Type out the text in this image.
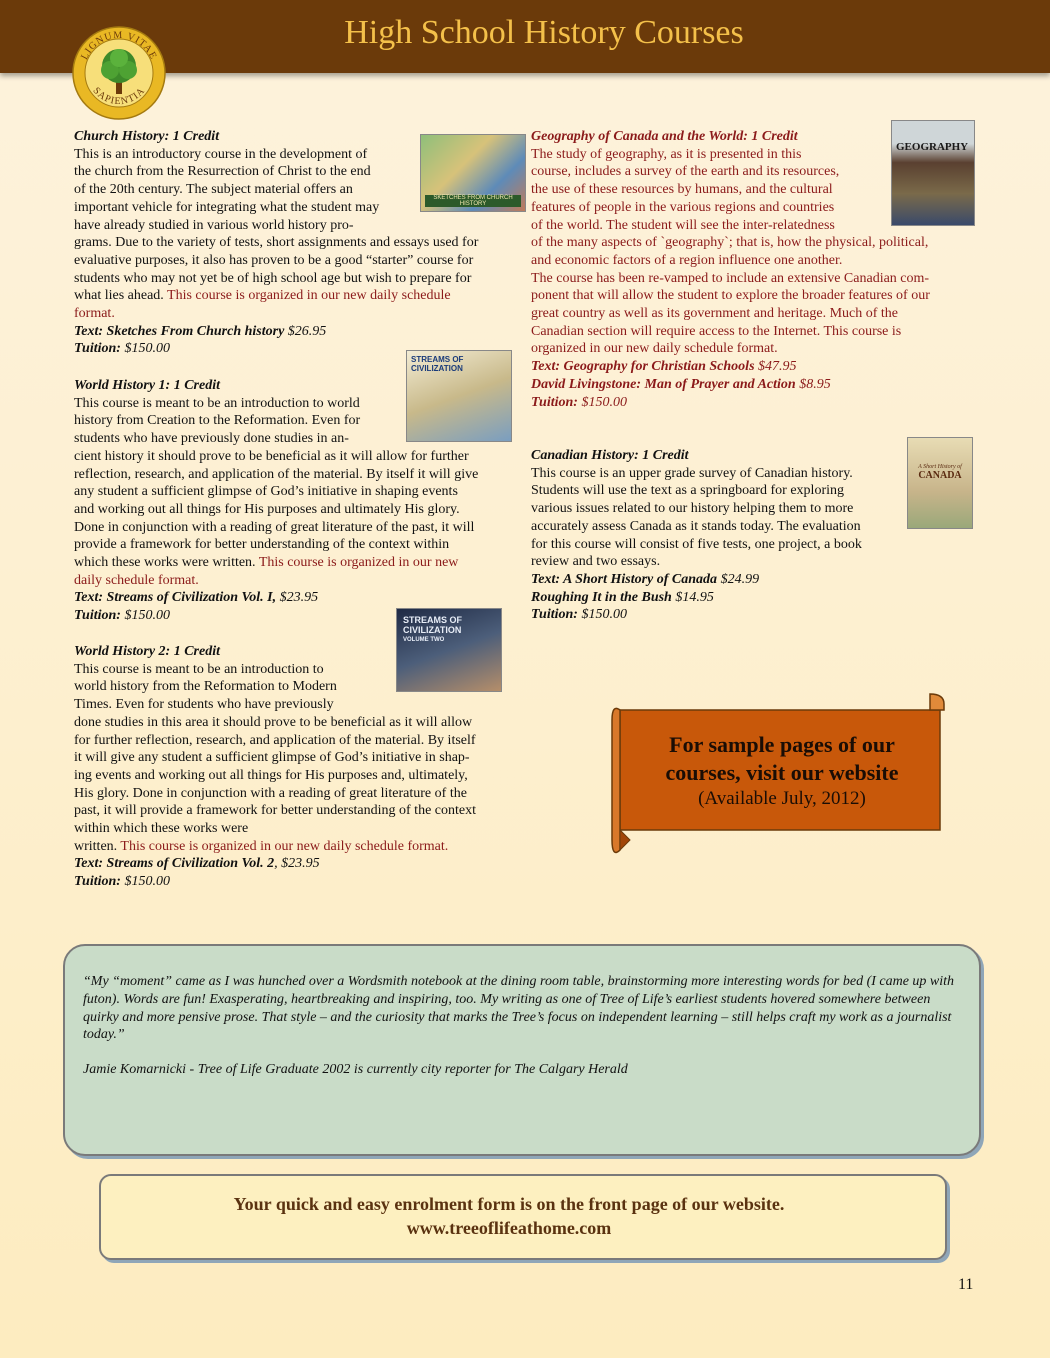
High School History Courses
LIGNUM VITAE
SAPIENTIA
SKETCHES FROM CHURCH HISTORY
STREAMS OF CIVILIZATION
STREAMS OF
CIVILIZATION
VOLUME TWO
GEOGRAPHY
A Short History of
CANADA

Church History: 1 Credit

This is an introductory course in the development of

the church from the Resurrection of Christ to the end

of the 20th century. The subject material offers an

important vehicle for integrating what the student may

have already studied in various world history pro-

grams. Due to the variety of tests, short assignments and essays used for

evaluative purposes, it also has proven to be a good “starter” course for

students who may not yet be of high school age but wish to prepare for

what lies ahead. This course is organized in our new daily schedule

format.

Text: Sketches From Church history $26.95

Tuition: $150.00

World History 1: 1 Credit

This course is meant to be an introduction to world

history from Creation to the Reformation. Even for

students who have previously done studies in an-

cient history it should prove to be beneficial as it will allow for further

reflection, research, and application of the material. By itself it will give

any student a sufficient glimpse of God’s initiative in shaping events

and working out all things for His purposes and ultimately His glory.

Done in conjunction with a reading of great literature of the past, it will

provide a framework for better understanding of the context within

which these works were written. This course is organized in our new

daily schedule format.

Text: Streams of Civilization Vol. I, $23.95

Tuition: $150.00

World History 2: 1 Credit

This course is meant to be an introduction to

world history from the Reformation to Modern

Times. Even for students who have previously

done studies in this area it should prove to be beneficial as it will allow

for further reflection, research, and application of the material. By itself

it will give any student a sufficient glimpse of God’s initiative in shap-

ing events and working out all things for His purposes and, ultimately,

His glory. Done in conjunction with a reading of great literature of the

past, it will provide a framework for better understanding of the context

within which these works were

written. This course is organized in our new daily schedule format.

Text: Streams of Civilization Vol. 2, $23.95

Tuition: $150.00

Geography of Canada and the World: 1 Credit

The study of geography, as it is presented in this

course, includes a survey of the earth and its resources,

the use of these resources by humans, and the cultural

features of people in the various regions and countries

of the world. The student will see the inter-relatedness

of the many aspects of `geography`; that is, how the physical, political,

and economic factors of a region influence one another.

The course has been re-vamped to include an extensive Canadian com-

ponent that will allow the student to explore the broader features of our

great country as well as its government and heritage. Much of the

Canadian section will require access to the Internet. This course is

organized in our new daily schedule format.

Text: Geography for Christian Schools $47.95

David Livingstone: Man of Prayer and Action $8.95

Tuition: $150.00

Canadian History: 1 Credit

This course is an upper grade survey of Canadian history.

Students will use the text as a springboard for exploring

various issues related to our history helping them to more

accurately assess Canada as it stands today. The evaluation

for this course will consist of five tests, one project, a book

review and two essays.

Text: A Short History of Canada $24.99

Roughing It in the Bush $14.95

Tuition: $150.00

For sample pages of our
courses, visit our website
(Available July, 2012)

“My “moment” came as I was hunched over a Wordsmith notebook at the dining room table, brainstorming more interesting words for bed (I came up with futon). Words are fun! Exasperating, heartbreaking and inspiring, too. My writing as one of Tree of Life’s earliest students hovered somewhere between quirky and more pensive prose. That style – and the curiosity that marks the Tree’s focus on independent learning – still helps craft my work as a journalist today.”

Jamie Komarnicki - Tree of Life Graduate 2002 is currently city reporter for The Calgary Herald

Your quick and easy enrolment form is on the front page of our website.
www.treeoflifeathome.com
11
